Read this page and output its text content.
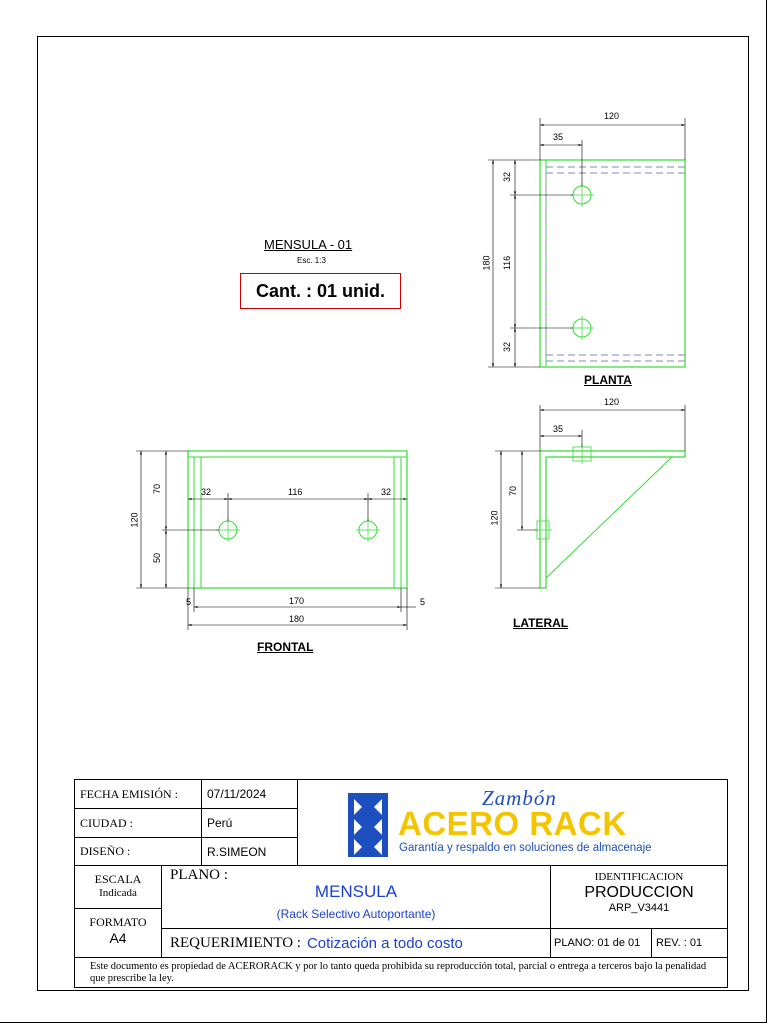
120
35
180
32
116
32
PLANTA
120
70
50
32	116	32
170
180
5	5
FRONTAL
120
35
120
70
LATERAL
MENSULA - 01
Esc. 1:3
Cant. : 01 unid.
FECHA EMISIÓN :	07/11/2024
CIUDAD :	Perú
DISEÑO :	R.SIMEON
Zambón
ACERO RACK
Garantía y respaldo en soluciones de almacenaje
ESCALA
Indicada
FORMATO
A4
PLANO :
MENSULA
(Rack Selectivo Autoportante)
REQUERIMIENTO : Cotización a todo costo
IDENTIFICACION
PRODUCCION
ARP_V3441
PLANO: 01 de 01	REV. : 01
Este documento es propiedad de ACERORACK y por lo tanto queda prohibida su reproducción total, parcial o entrega a terceros bajo la penalidad que prescribe la ley.
